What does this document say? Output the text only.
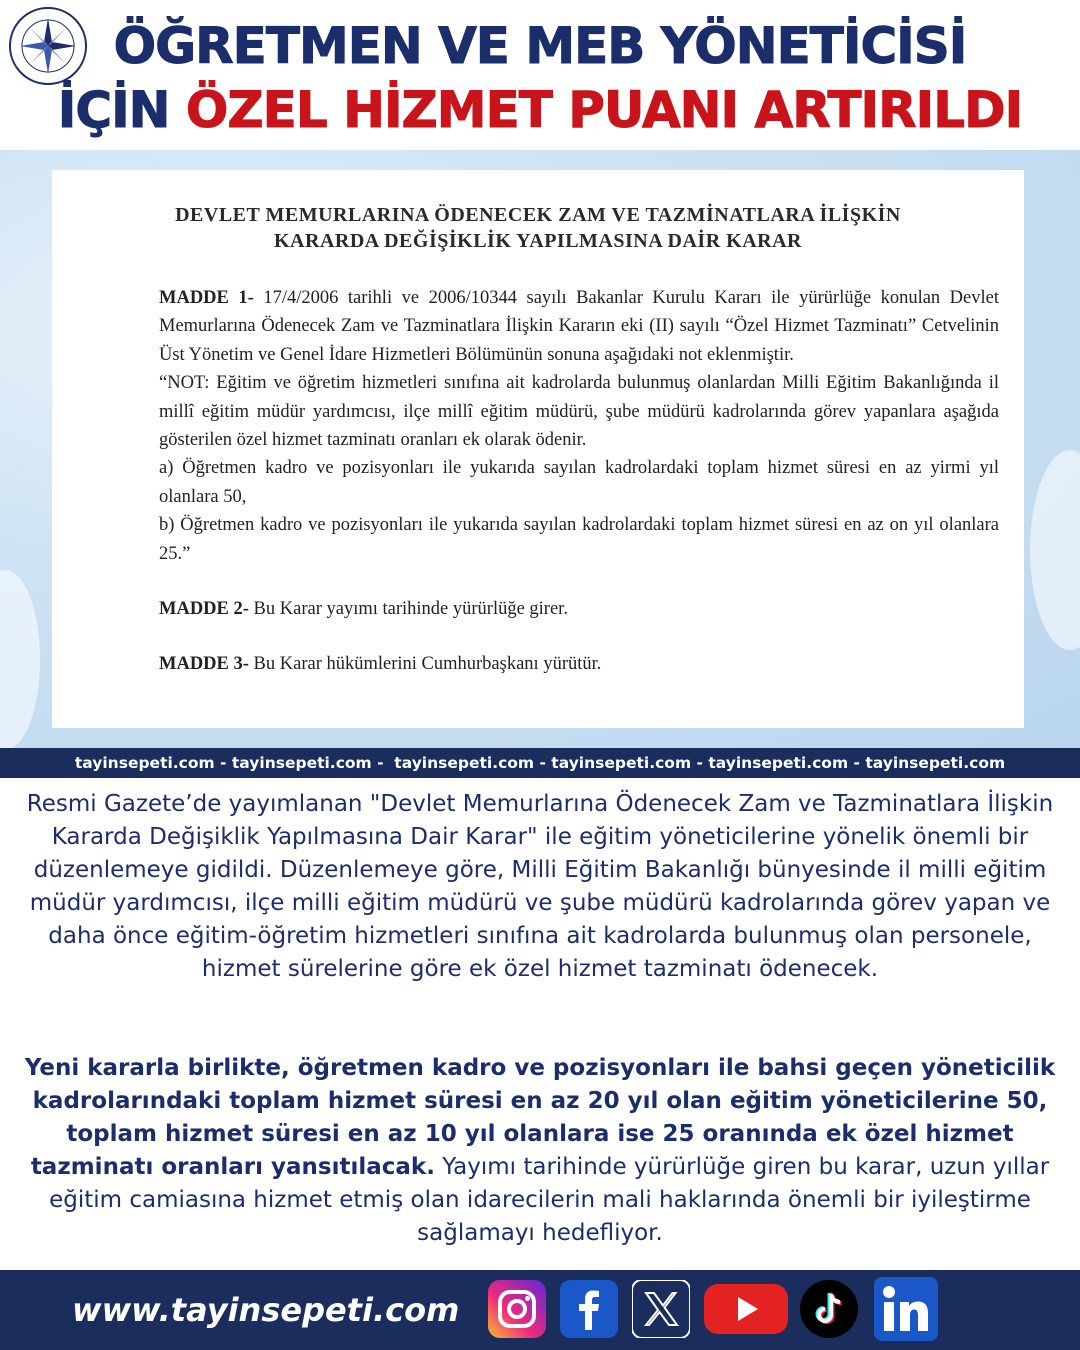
ÖĞRETMEN VE MEB YÖNETİCİSİ
İÇİN ÖZEL HİZMET PUANI ARTIRILDI
DEVLET MEMURLARINA ÖDENECEK ZAM VE TAZMİNATLARA İLİŞKİN
KARARDA DEĞİŞİKLİK YAPILMASINA DAİR KARAR

MADDE 1- 17/4/2006 tarihli ve 2006/10344 sayılı Bakanlar Kurulu Kararı ile yürürlüğe konulan Devlet Memurlarına Ödenecek Zam ve Tazminatlara İlişkin Kararın eki (II) sayılı “Özel Hizmet Tazminatı” Cetvelinin Üst Yönetim ve Genel İdare Hizmetleri Bölümünün sonuna aşağıdaki not eklenmiştir.

“NOT: Eğitim ve öğretim hizmetleri sınıfına ait kadrolarda bulunmuş olanlardan Milli Eğitim Bakanlığında il millî eğitim müdür yardımcısı, ilçe millî eğitim müdürü, şube müdürü kadrolarında görev yapanlara aşağıda gösterilen özel hizmet tazminatı oranları ek olarak ödenir.

a) Öğretmen kadro ve pozisyonları ile yukarıda sayılan kadrolardaki toplam hizmet süresi en az yirmi yıl olanlara 50,

b) Öğretmen kadro ve pozisyonları ile yukarıda sayılan kadrolardaki toplam hizmet süresi en az on yıl olanlara 25.”

MADDE 2- Bu Karar yayımı tarihinde yürürlüğe girer.

MADDE 3- Bu Karar hükümlerini Cumhurbaşkanı yürütür.

tayinsepeti.com - tayinsepeti.com -  tayinsepeti.com - tayinsepeti.com - tayinsepeti.com - tayinsepeti.com
Resmi Gazete’de yayımlanan "Devlet Memurlarına Ödenecek Zam ve Tazminatlara İlişkin Kararda Değişiklik Yapılmasına Dair Karar" ile eğitim yöneticilerine yönelik önemli bir düzenlemeye gidildi. Düzenlemeye göre, Milli Eğitim Bakanlığı bünyesinde il milli eğitim müdür yardımcısı, ilçe milli eğitim müdürü ve şube müdürü kadrolarında görev yapan ve daha önce eğitim-öğretim hizmetleri sınıfına ait kadrolarda bulunmuş olan personele, hizmet sürelerine göre ek özel hizmet tazminatı ödenecek.
Yeni kararla birlikte, öğretmen kadro ve pozisyonları ile bahsi geçen yöneticilik kadrolarındaki toplam hizmet süresi en az 20 yıl olan eğitim yöneticilerine 50, toplam hizmet süresi en az 10 yıl olanlara ise 25 oranında ek özel hizmet tazminatı oranları yansıtılacak. Yayımı tarihinde yürürlüğe giren bu karar, uzun yıllar eğitim camiasına hizmet etmiş olan idarecilerin mali haklarında önemli bir iyileştirme sağlamayı hedefliyor.
www.tayinsepeti.com
